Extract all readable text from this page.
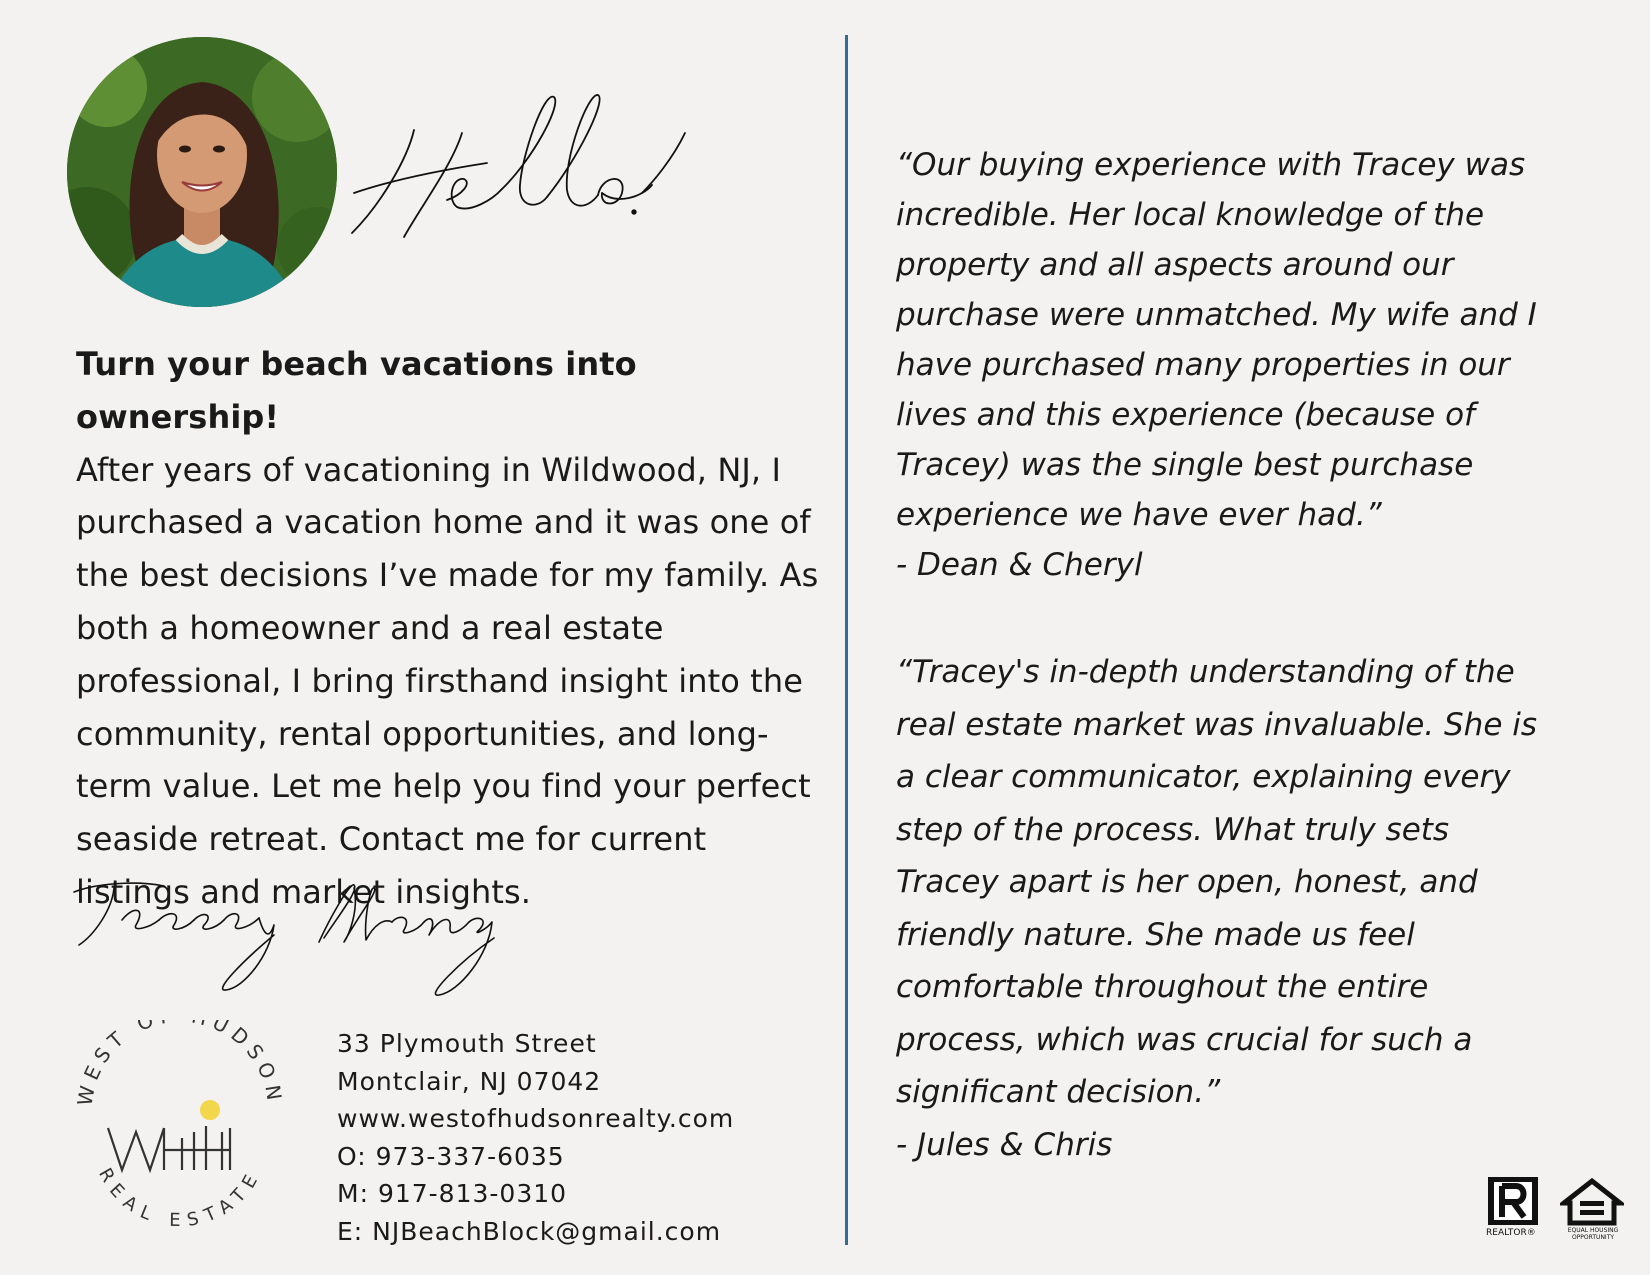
Turn your beach vacations into ownership!
After years of vacationing in Wildwood, NJ, I purchased a vacation home and it was one of the best decisions I’ve made for my family. As both a homeowner and a real estate professional, I bring firsthand insight into the community, rental opportunities, and long-term value. Let me help you find your perfect seaside retreat. Contact me for current listings and market insights.
WEST O UDSON
REAL ESTATE
33 Plymouth Street
Montclair, NJ 07042
www.westofhudsonrealty.com
O: 973-337-6035
M: 917-813-0310
E: NJBeachBlock@gmail.com
“Our buying experience with Tracey was incredible. Her local knowledge of the property and all aspects around our purchase were unmatched. My wife and I have purchased many properties in our lives and this experience (because of Tracey) was the single best purchase experience we have ever had.”
- Dean & Cheryl
“Tracey's in-depth understanding of the real estate market was invaluable. She is a clear communicator, explaining every step of the process. What truly sets Tracey apart is her open, honest, and friendly nature. She made us feel comfortable throughout the entire process, which was crucial for such a significant decision.”
- Jules & Chris
REALTOR®	EQUAL HOUSING OPPORTUNITY
